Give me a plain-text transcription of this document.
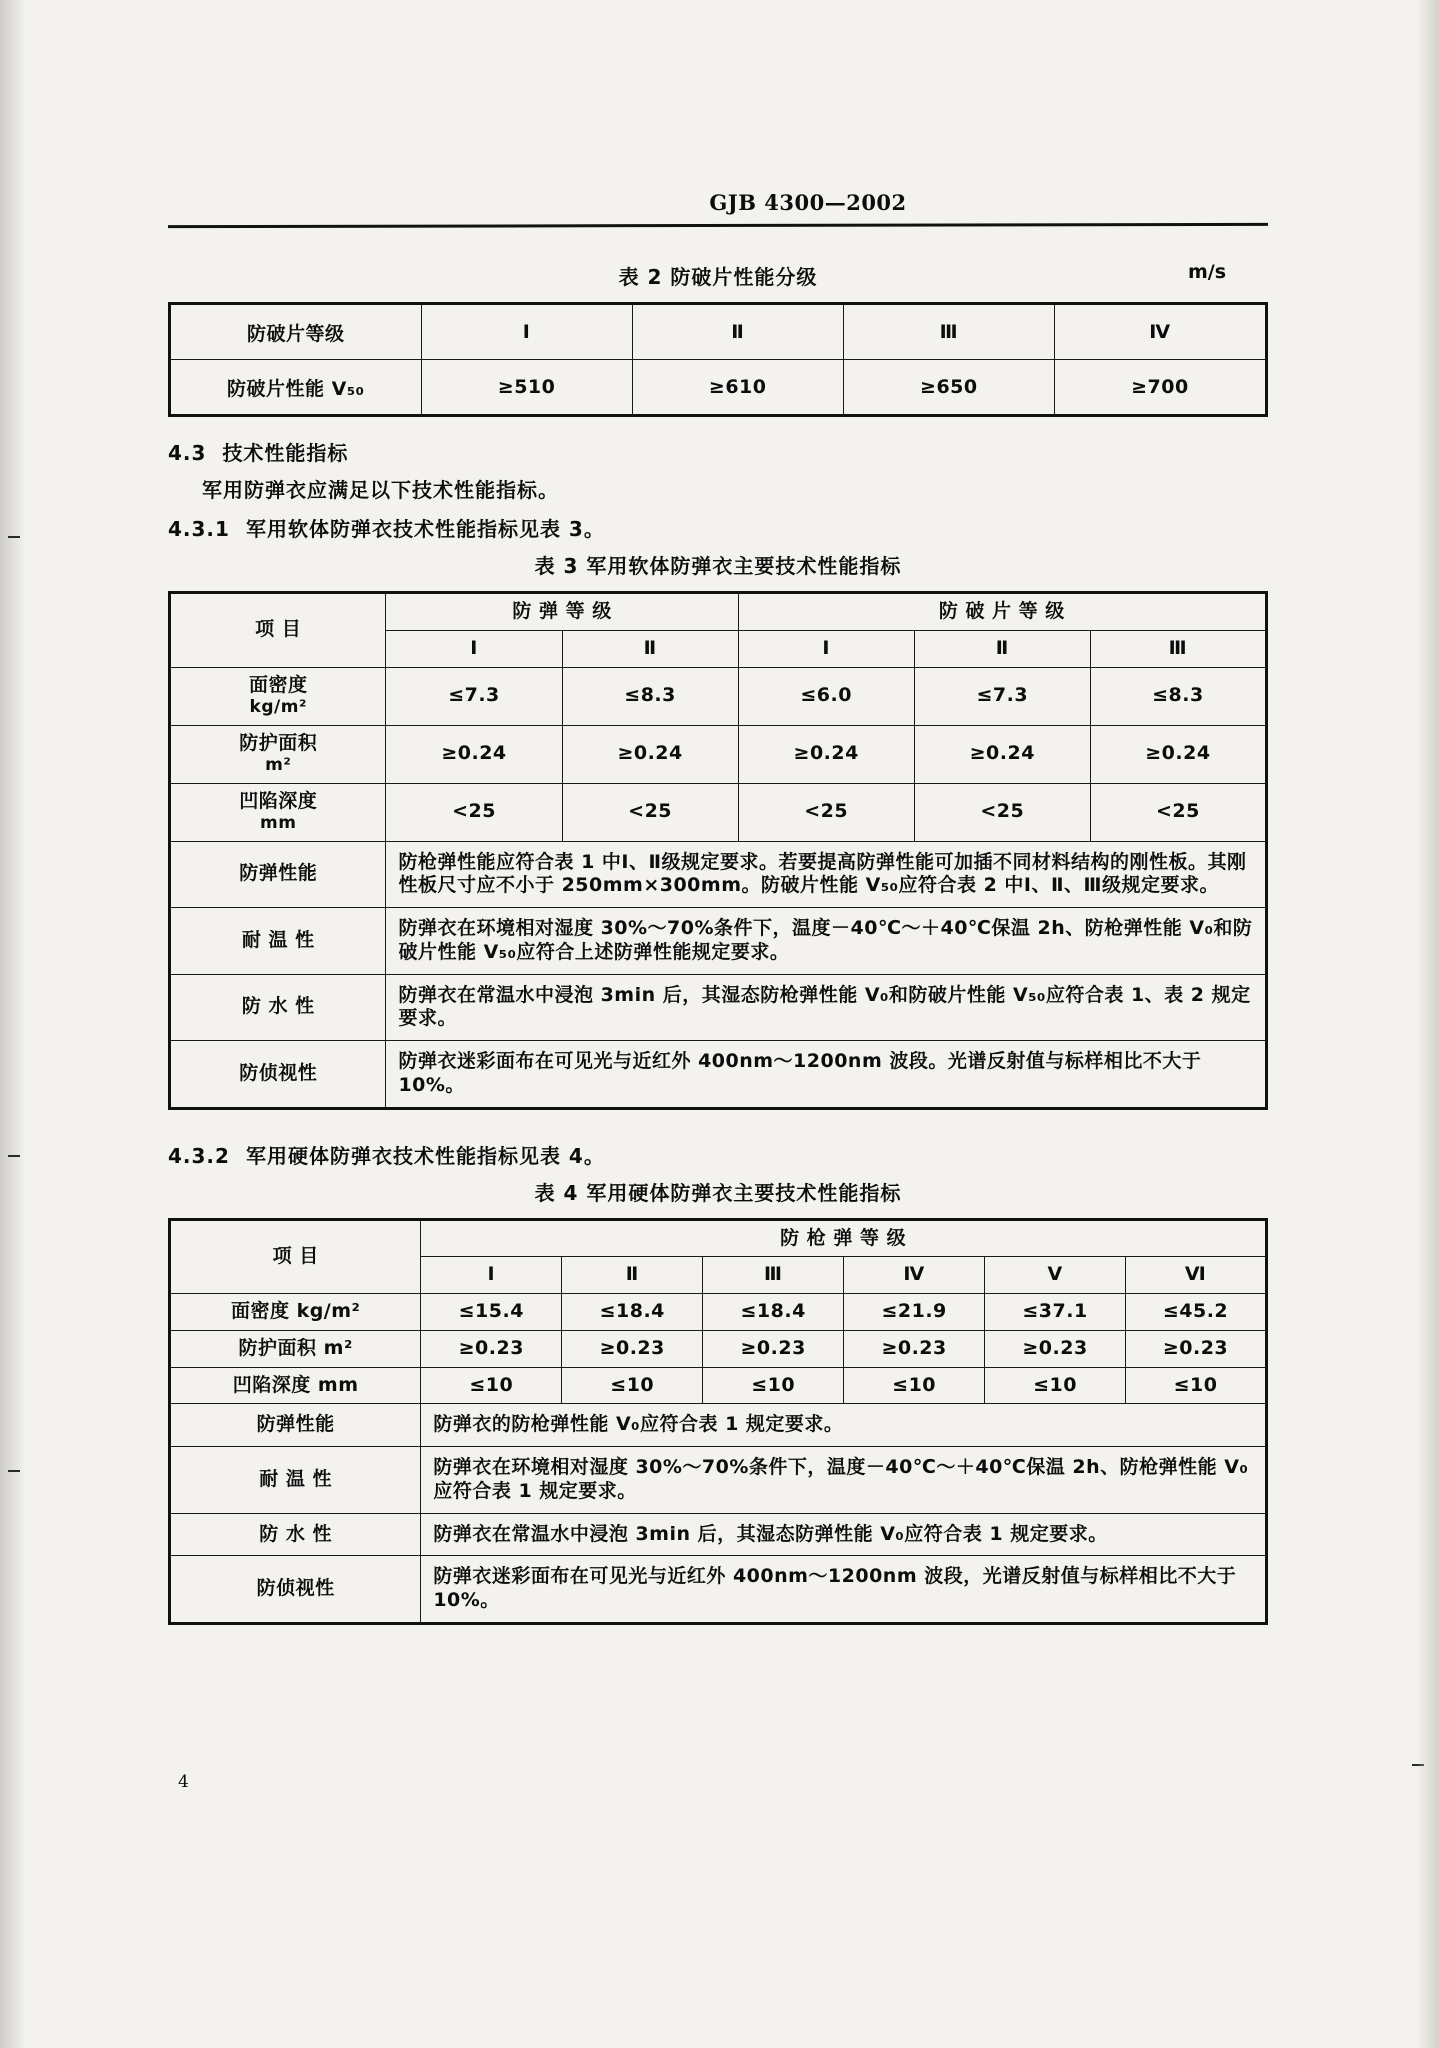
GJB 4300—2002
表 2 防破片性能分级	m/s
防破片等级	Ⅰ	Ⅱ	Ⅲ	Ⅳ
防破片性能 V₅₀	≥510	≥610	≥650	≥700
4.3 技术性能指标
军用防弹衣应满足以下技术性能指标。
4.3.1 军用软体防弹衣技术性能指标见表 3。
表 3 军用软体防弹衣主要技术性能指标
项 目	防 弹 等 级		防 破 片 等 级		
	Ⅰ	Ⅱ	Ⅰ	Ⅱ	Ⅲ
面密度
kg/m²	≤7.3	≤8.3	≤6.0	≤7.3	≤8.3
防护面积
m²	≥0.24	≥0.24	≥0.24	≥0.24	≥0.24
凹陷深度
mm	<25	<25	<25	<25	<25
防弹性能	防枪弹性能应符合表 1 中Ⅰ、Ⅱ级规定要求。若要提高防弹性能可加插不同材料结构的刚性板。其刚性板尺寸应不小于 250mm×300mm。防破片性能 V₅₀应符合表 2 中Ⅰ、Ⅱ、Ⅲ级规定要求。				
耐 温 性	防弹衣在环境相对湿度 30%～70%条件下，温度－40℃～＋40℃保温 2h、防枪弹性能 V₀和防破片性能 V₅₀应符合上述防弹性能规定要求。				
防 水 性	防弹衣在常温水中浸泡 3min 后，其湿态防枪弹性能 V₀和防破片性能 V₅₀应符合表 1、表 2 规定要求。				
防侦视性	防弹衣迷彩面布在可见光与近红外 400nm～1200nm 波段。光谱反射值与标样相比不大于 10%。				
4.3.2 军用硬体防弹衣技术性能指标见表 4。
表 4 军用硬体防弹衣主要技术性能指标
项 目	防 枪 弹 等 级					
	Ⅰ	Ⅱ	Ⅲ	Ⅳ	Ⅴ	Ⅵ
面密度 kg/m²	≤15.4	≤18.4	≤18.4	≤21.9	≤37.1	≤45.2
防护面积 m²	≥0.23	≥0.23	≥0.23	≥0.23	≥0.23	≥0.23
凹陷深度 mm	≤10	≤10	≤10	≤10	≤10	≤10
防弹性能	防弹衣的防枪弹性能 V₀应符合表 1 规定要求。					
耐 温 性	防弹衣在环境相对湿度 30%～70%条件下，温度－40℃～＋40℃保温 2h、防枪弹性能 V₀应符合表 1 规定要求。					
防 水 性	防弹衣在常温水中浸泡 3min 后，其湿态防弹性能 V₀应符合表 1 规定要求。					
防侦视性	防弹衣迷彩面布在可见光与近红外 400nm～1200nm 波段，光谱反射值与标样相比不大于 10%。					
4
